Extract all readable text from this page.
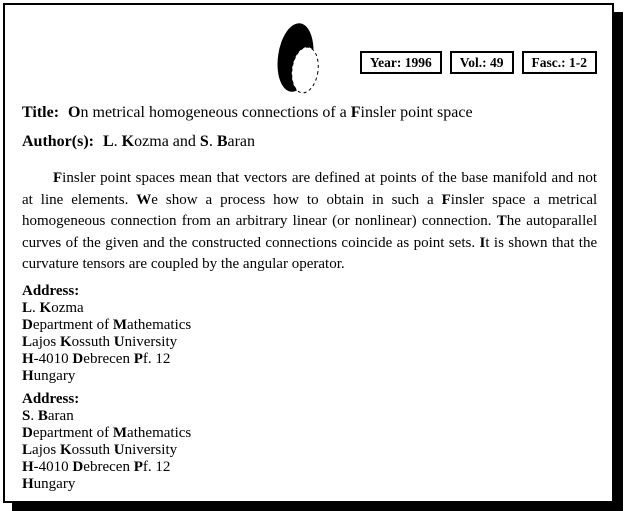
Year: 1996	Vol.: 49	Fasc.: 1-2
Title: On metrical homogeneous connections of a Finsler point space
Author(s): L. Kozma and S. Baran

Finsler point spaces mean that vectors are defined at points of the base manifold and not at line elements. We show a process how to obtain in such a Finsler space a metrical homogeneous connection from an arbitrary linear (or nonlinear) connection. The autoparallel curves of the given and the constructed connections coincide as point sets. It is shown that the curvature tensors are coupled by the angular operator.

Address:
L. Kozma
Department of Mathematics
Lajos Kossuth University
H-4010 Debrecen Pf. 12
Hungary
Address:
S. Baran
Department of Mathematics
Lajos Kossuth University
H-4010 Debrecen Pf. 12
Hungary
